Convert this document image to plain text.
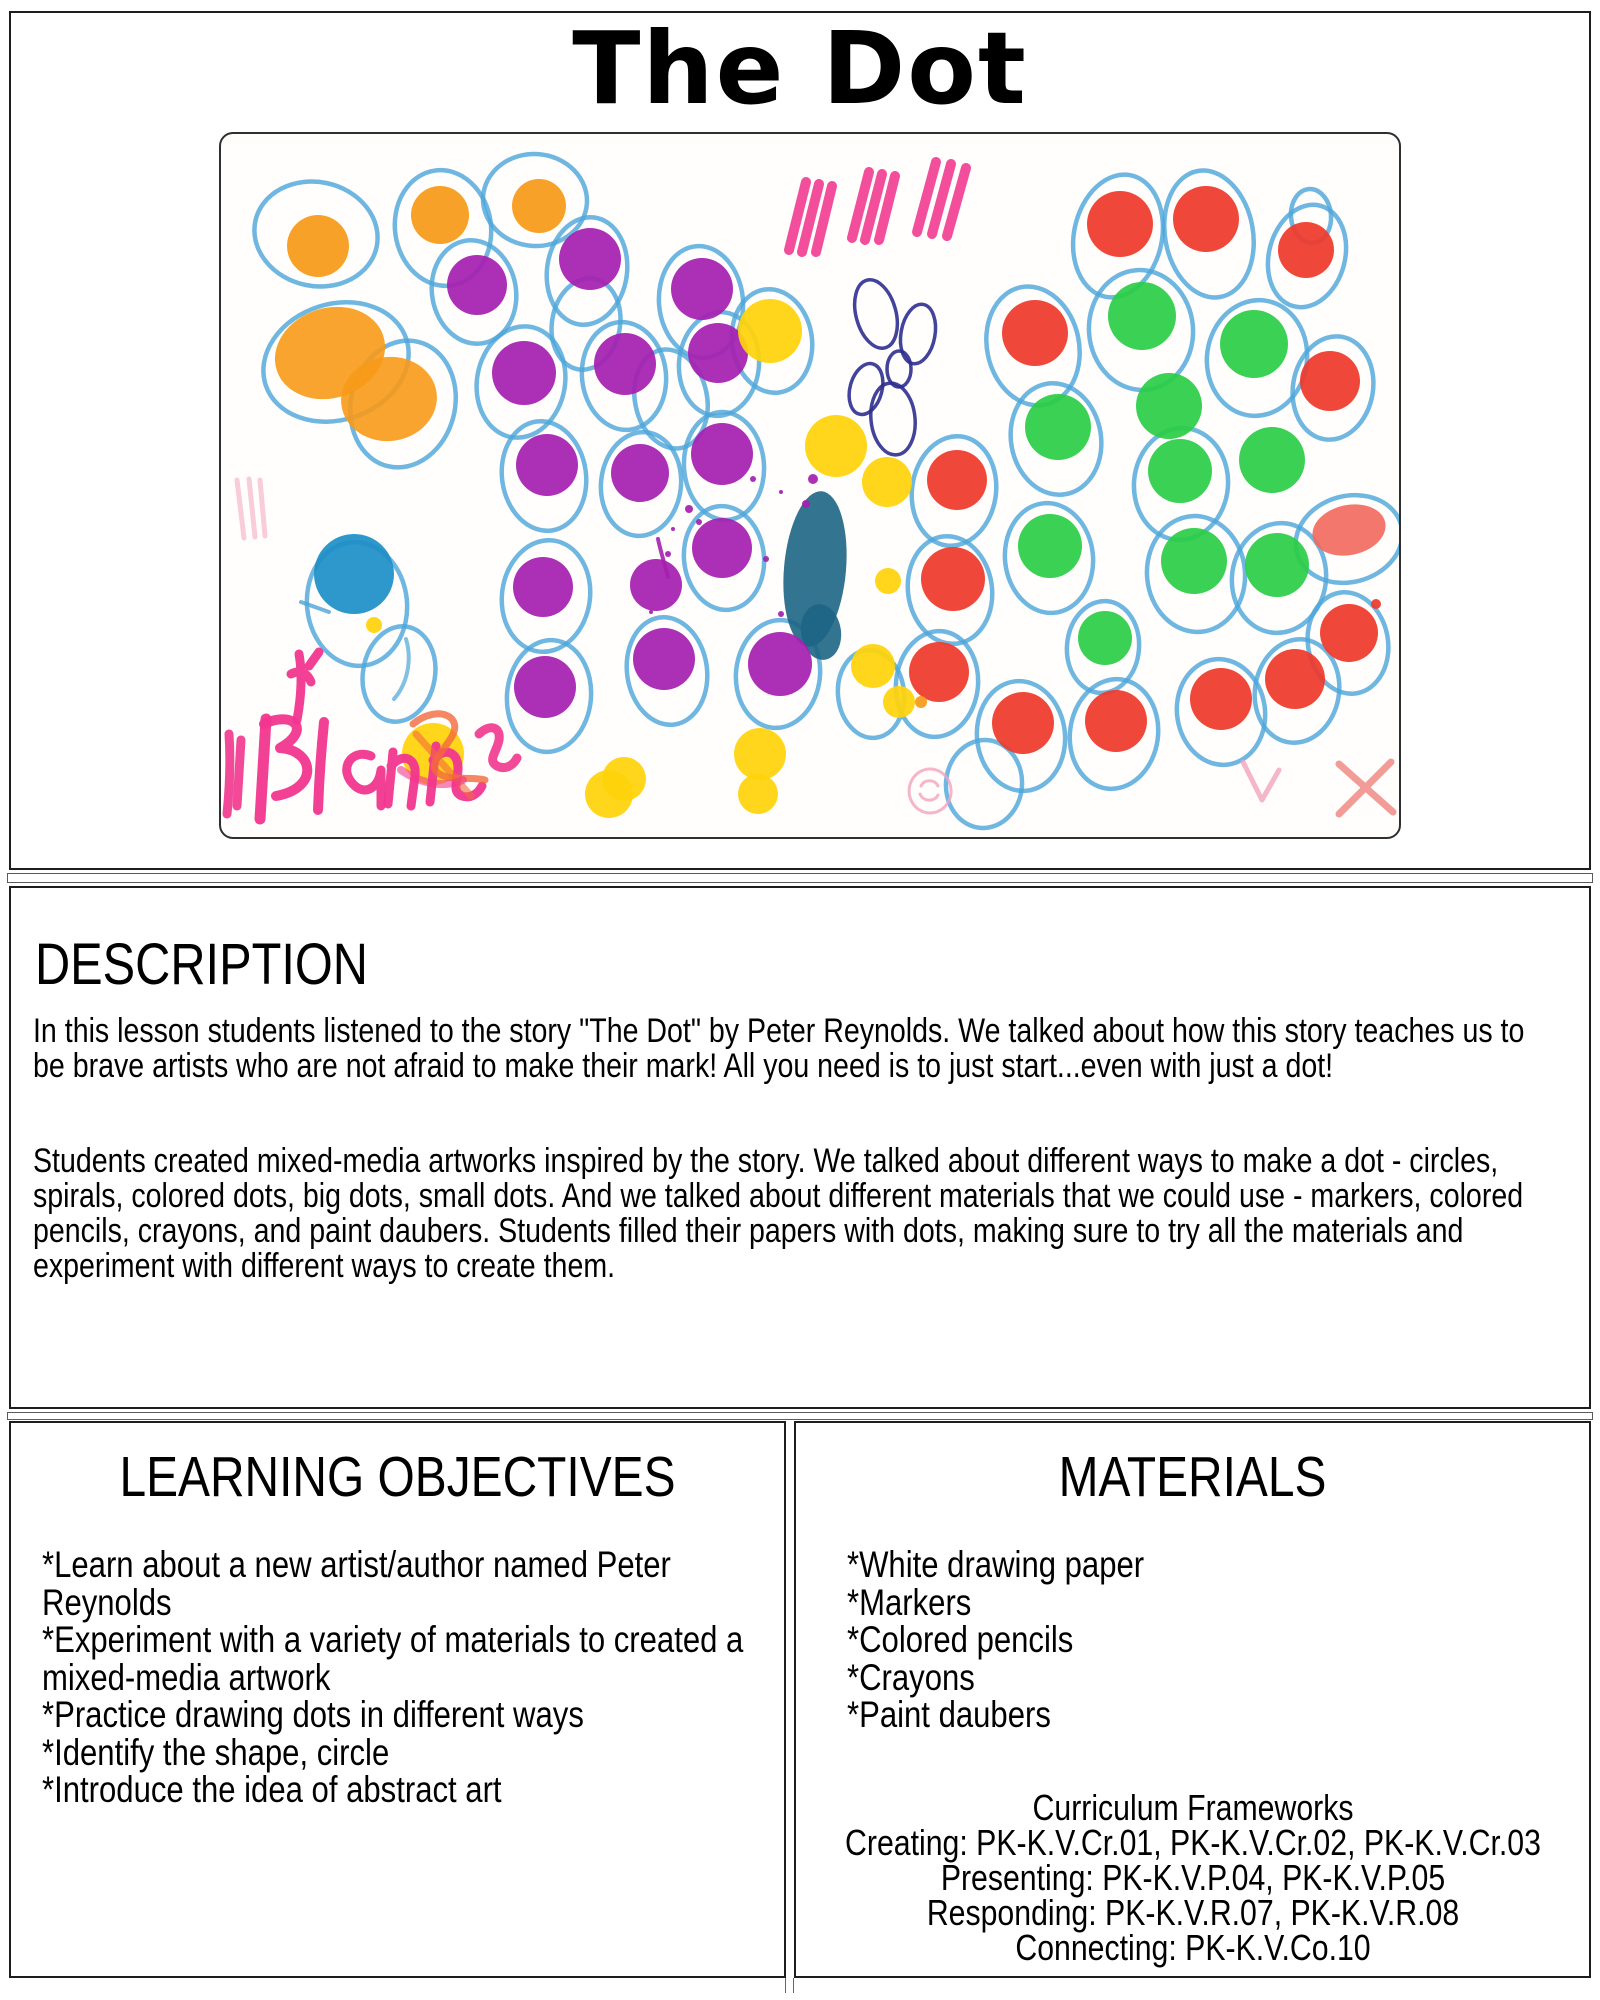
The Dot
DESCRIPTION

In this lesson students listened to the story "The Dot" by Peter Reynolds. We talked about how this story teaches us to be brave artists who are not afraid to make their mark! All you need is to just start...even with just a dot!

Students created mixed-media artworks inspired by the story. We talked about different ways to make a dot - circles, spirals, colored dots, big dots, small dots. And we talked about different materials that we could use - markers, colored pencils, crayons, and paint daubers. Students filled their papers with dots, making sure to try all the materials and experiment with different ways to create them.

LEARNING OBJECTIVES
*Learn about a new artist/author named Peter Reynolds
*Experiment with a variety of materials to created a mixed-media artwork
*Practice drawing dots in different ways
*Identify the shape, circle
*Introduce the idea of abstract art
MATERIALS
*White drawing paper
*Markers
*Colored pencils
*Crayons
*Paint daubers
Curriculum Frameworks
Creating: PK-K.V.Cr.01, PK-K.V.Cr.02, PK-K.V.Cr.03
Presenting: PK-K.V.P.04, PK-K.V.P.05
Responding: PK-K.V.R.07, PK-K.V.R.08
Connecting: PK-K.V.Co.10
